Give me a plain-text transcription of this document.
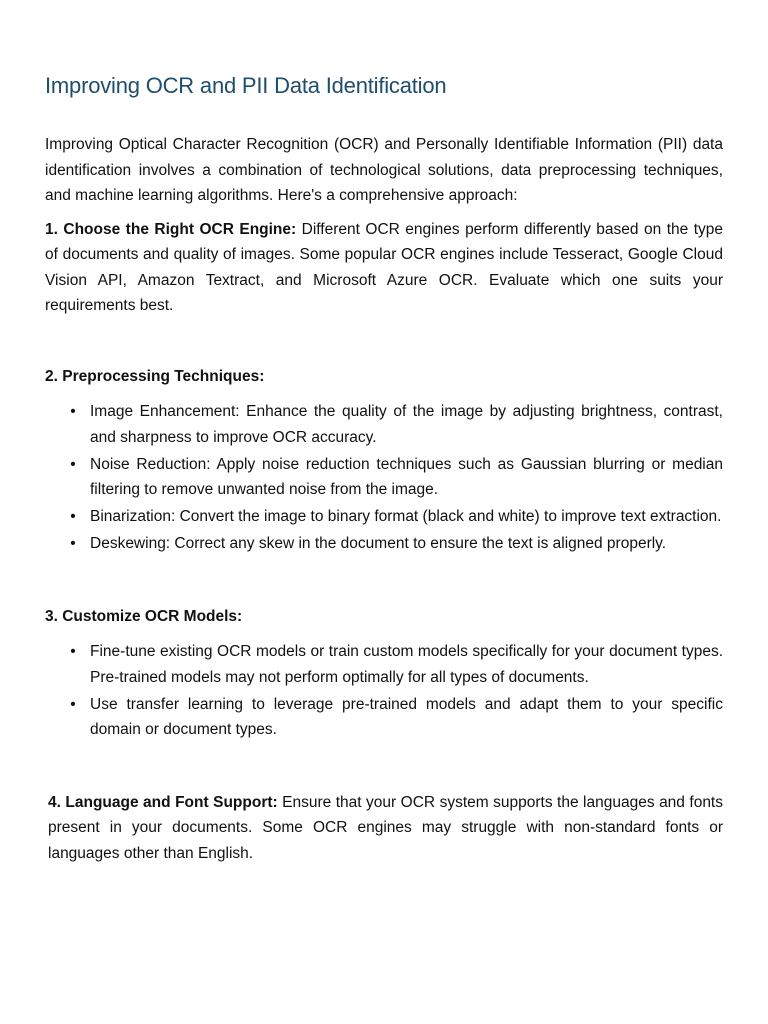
Improving OCR and PII Data Identification

Improving Optical Character Recognition (OCR) and Personally Identifiable Information (PII) data identification involves a combination of technological solutions, data preprocessing techniques, and machine learning algorithms. Here's a comprehensive approach:

1. Choose the Right OCR Engine: Different OCR engines perform differently based on the type of documents and quality of images. Some popular OCR engines include Tesseract, Google Cloud Vision API, Amazon Textract, and Microsoft Azure OCR. Evaluate which one suits your requirements best.

2. Preprocessing Techniques:
• Image Enhancement: Enhance the quality of the image by adjusting brightness, contrast, and sharpness to improve OCR accuracy.
• Noise Reduction: Apply noise reduction techniques such as Gaussian blurring or median filtering to remove unwanted noise from the image.
• Binarization: Convert the image to binary format (black and white) to improve text extraction.
• Deskewing: Correct any skew in the document to ensure the text is aligned properly.
3. Customize OCR Models:
• Fine-tune existing OCR models or train custom models specifically for your document types. Pre-trained models may not perform optimally for all types of documents.
• Use transfer learning to leverage pre-trained models and adapt them to your specific domain or document types.

4. Language and Font Support: Ensure that your OCR system supports the languages and fonts present in your documents. Some OCR engines may struggle with non-standard fonts or languages other than English.
